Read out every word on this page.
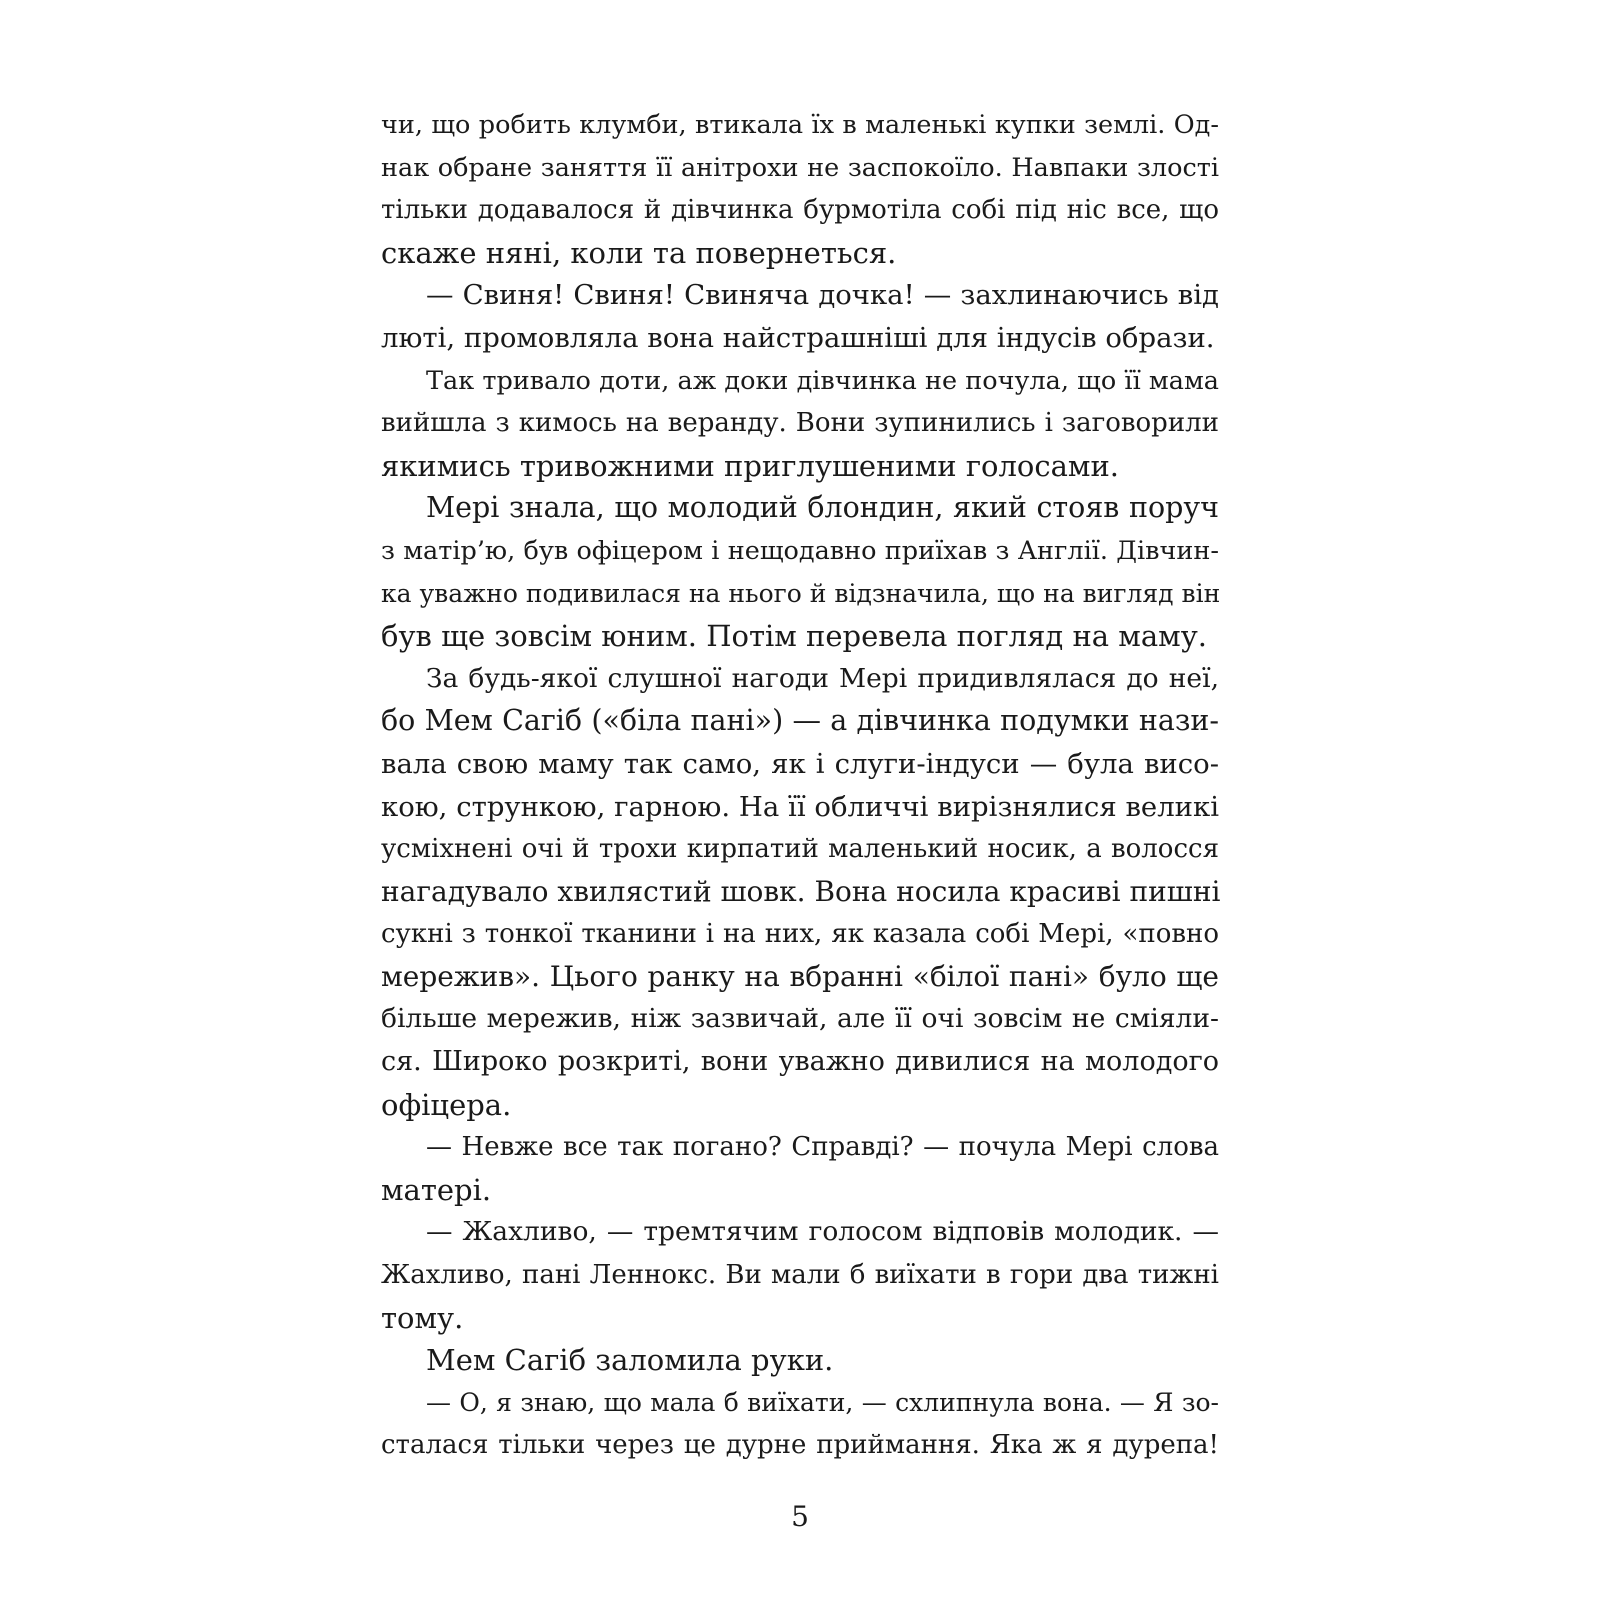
чи, що робить клумби, втикала їх в маленькі купки землі. Од-
нак обране заняття її анітрохи не заспокоїло. Навпаки злості
тільки додавалося й дівчинка бурмотіла собі під ніс все, що
скаже няні, коли та повернеться.
— Свиня! Свиня! Свиняча дочка! — захлинаючись від
люті, промовляла вона найстрашніші для індусів образи.
Так тривало доти, аж доки дівчинка не почула, що її мама
вийшла з кимось на веранду. Вони зупинились і заговорили
якимись тривожними приглушеними голосами.
Мері знала, що молодий блондин, який стояв поруч
з матір’ю, був офіцером і нещодавно приїхав з Англії. Дівчин-
ка уважно подивилася на нього й відзначила, що на вигляд він
був ще зовсім юним. Потім перевела погляд на маму.
За будь-якої слушної нагоди Мері придивлялася до неї,
бо Мем Сагіб («біла пані») — а дівчинка подумки нази-
вала свою маму так само, як і слуги-індуси — була висо-
кою, стрункою, гарною. На її обличчі вирізнялися великі
усміхнені очі й трохи кирпатий маленький носик, а волосся
нагадувало хвилястий шовк. Вона носила красиві пишні
сукні з тонкої тканини і на них, як казала собі Мері, «повно
мережив». Цього ранку на вбранні «білої пані» було ще
більше мережив, ніж зазвичай, але її очі зовсім не сміяли-
ся. Широко розкриті, вони уважно дивилися на молодого
офіцера.
— Невже все так погано? Справді? — почула Мері слова
матері.
— Жахливо, — тремтячим голосом відповів молодик. —
Жахливо, пані Леннокс. Ви мали б виїхати в гори два тижні
тому.
Мем Сагіб заломила руки.
— О, я знаю, що мала б виїхати, — схлипнула вона. — Я зо-
сталася тільки через це дурне приймання. Яка ж я дурепа!
5
